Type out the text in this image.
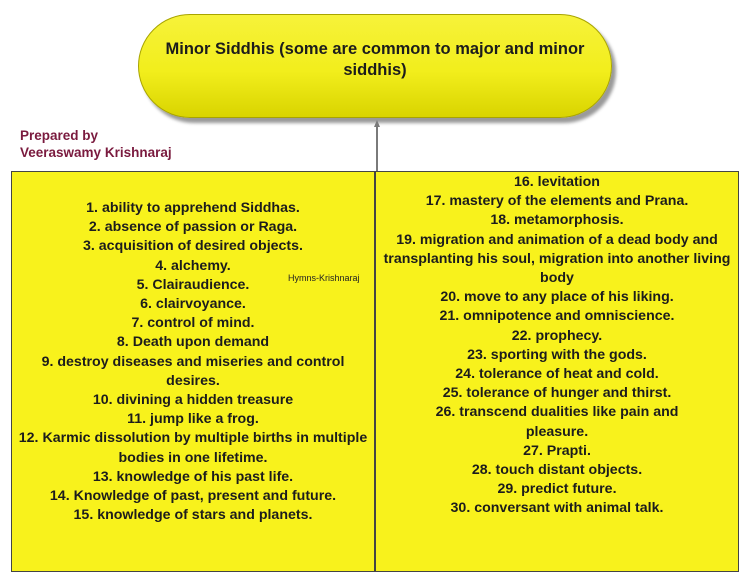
Minor Siddhis (some are common to major and minor siddhis)
Prepared by
Veeraswamy Krishnaraj
1. ability to apprehend Siddhas.
2. absence of passion or Raga.
3. acquisition of desired objects.
4. alchemy.
5. Clairaudience.
6. clairvoyance.
7. control of mind.
8. Death upon demand
9. destroy diseases and miseries and control desires.
10. divining a hidden treasure
11. jump like a frog.
12. Karmic dissolution by multiple births in multiple bodies in one lifetime.
13. knowledge of his past life.
14. Knowledge of past, present and future.
15. knowledge of stars and planets.
Hymns-Krishnaraj
16. levitation
17. mastery of the elements and Prana.
18. metamorphosis.
19. migration and animation of a dead body and transplanting his soul, migration into another living body
20. move to any place of his liking.
21. omnipotence and omniscience.
22. prophecy.
23. sporting with the gods.
24. tolerance of heat and cold.
25. tolerance of hunger and thirst.
26. transcend dualities like pain and pleasure.
27. Prapti.
28. touch distant objects.
29. predict future.
30. conversant with animal talk.
